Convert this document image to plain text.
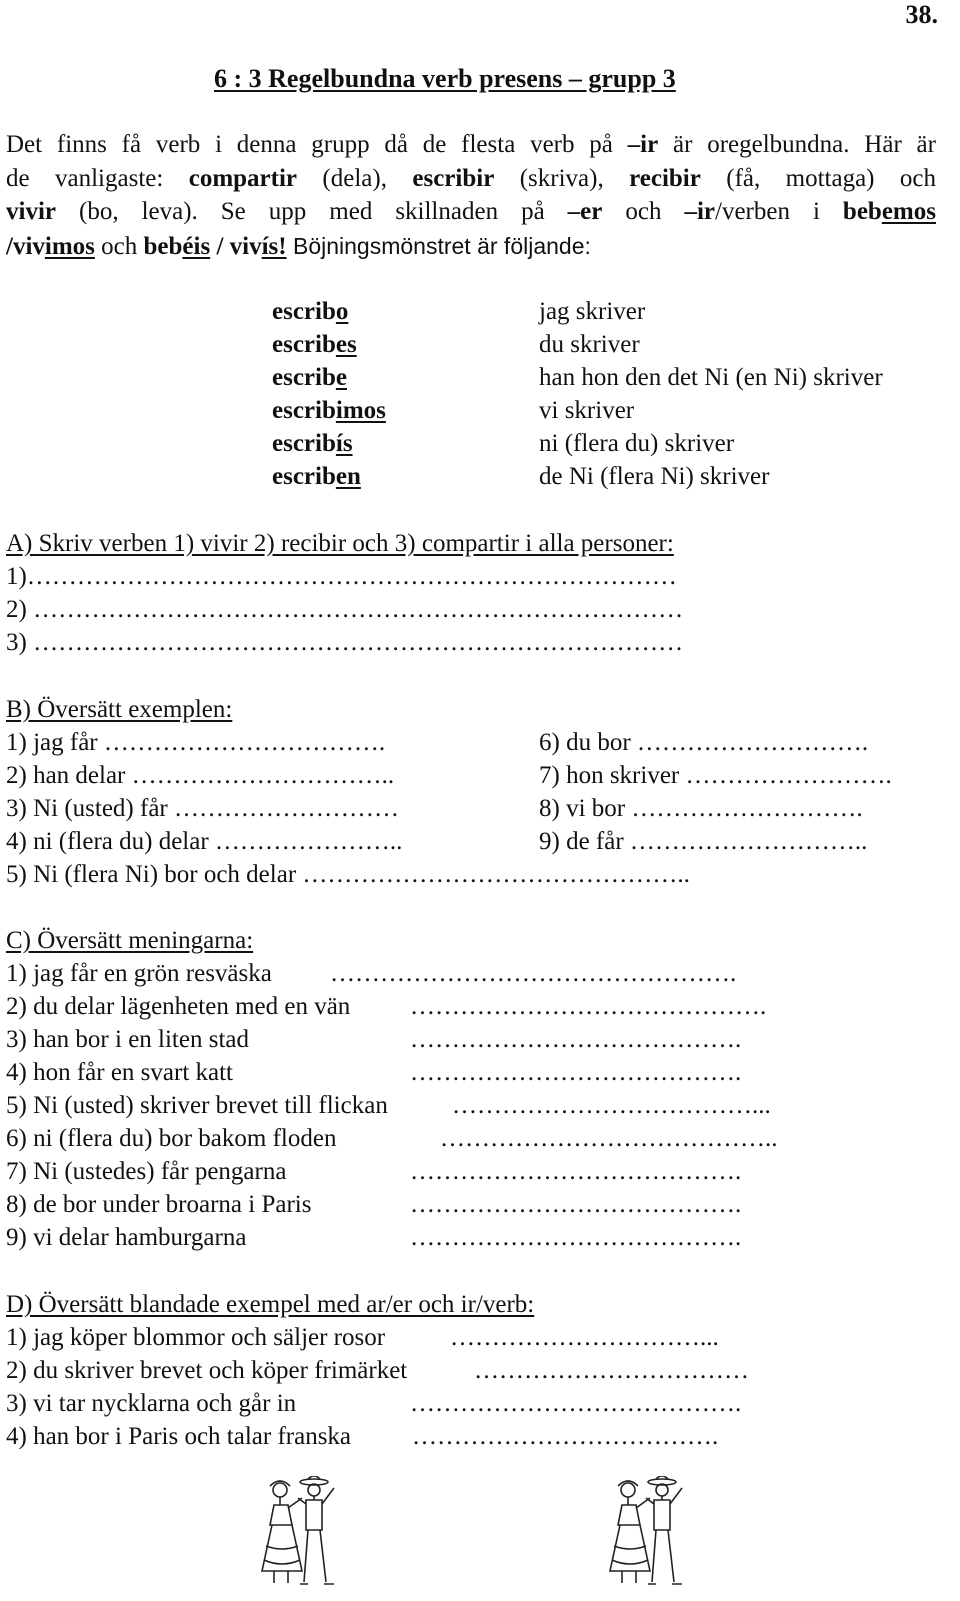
38.
6 : 3 Regelbundna verb presens – grupp 3
Det finns få verb i denna grupp då de flesta verb på –ir är oregelbundna. Här är
de vanligaste: compartir (dela), escribir (skriva), recibir (få, mottaga) och
vivir (bo, leva). Se upp med skillnaden på –er och –ir/verben i bebemos
/vivimos och bebéis / vivís! Böjningsmönstret är följande:
escribo	jag skriver
escribes	du skriver
escribe	han hon den det Ni (en Ni) skriver
escribimos	vi skriver
escribís	ni (flera du) skriver
escriben	de Ni (flera Ni) skriver
A) Skriv verben 1) vivir 2) recibir och 3) compartir i alla personer:
1)……………………………………………………………………
2) ……………………………………………………………………
3) ……………………………………………………………………
B) Översätt exemplen:
1) jag får …………………………….	6) du bor ……………………….
2) han delar …………………………..	7) hon skriver …………………….
3) Ni (usted) får ………………………	8) vi bor ……………………….
4) ni (flera du) delar …………………..	9) de får ………………………..
5) Ni (flera Ni) bor och delar ………………………………………..
C) Översätt meningarna:
1) jag får en grön resväska ………………………………………….
2) du delar lägenheten med en vän …………………………………….
3) han bor i en liten stad	………………………………….
4) hon får en svart katt	………………………………….
5) Ni (usted) skriver brevet till flickan	………………………………...
6) ni (flera du) bor bakom floden	…………………………………..
7) Ni (ustedes) får pengarna	………………………………….
8) de bor under broarna i Paris	………………………………….
9) vi delar hamburgarna	………………………………….
D) Översätt blandade exempel med ar/er och ir/verb:
1) jag köper blommor och säljer rosor	…………………………...
2) du skriver brevet och köper frimärket	……………………………
3) vi tar nycklarna och går in	………………………………….
4) han bor i Paris och talar franska ……………………………….
